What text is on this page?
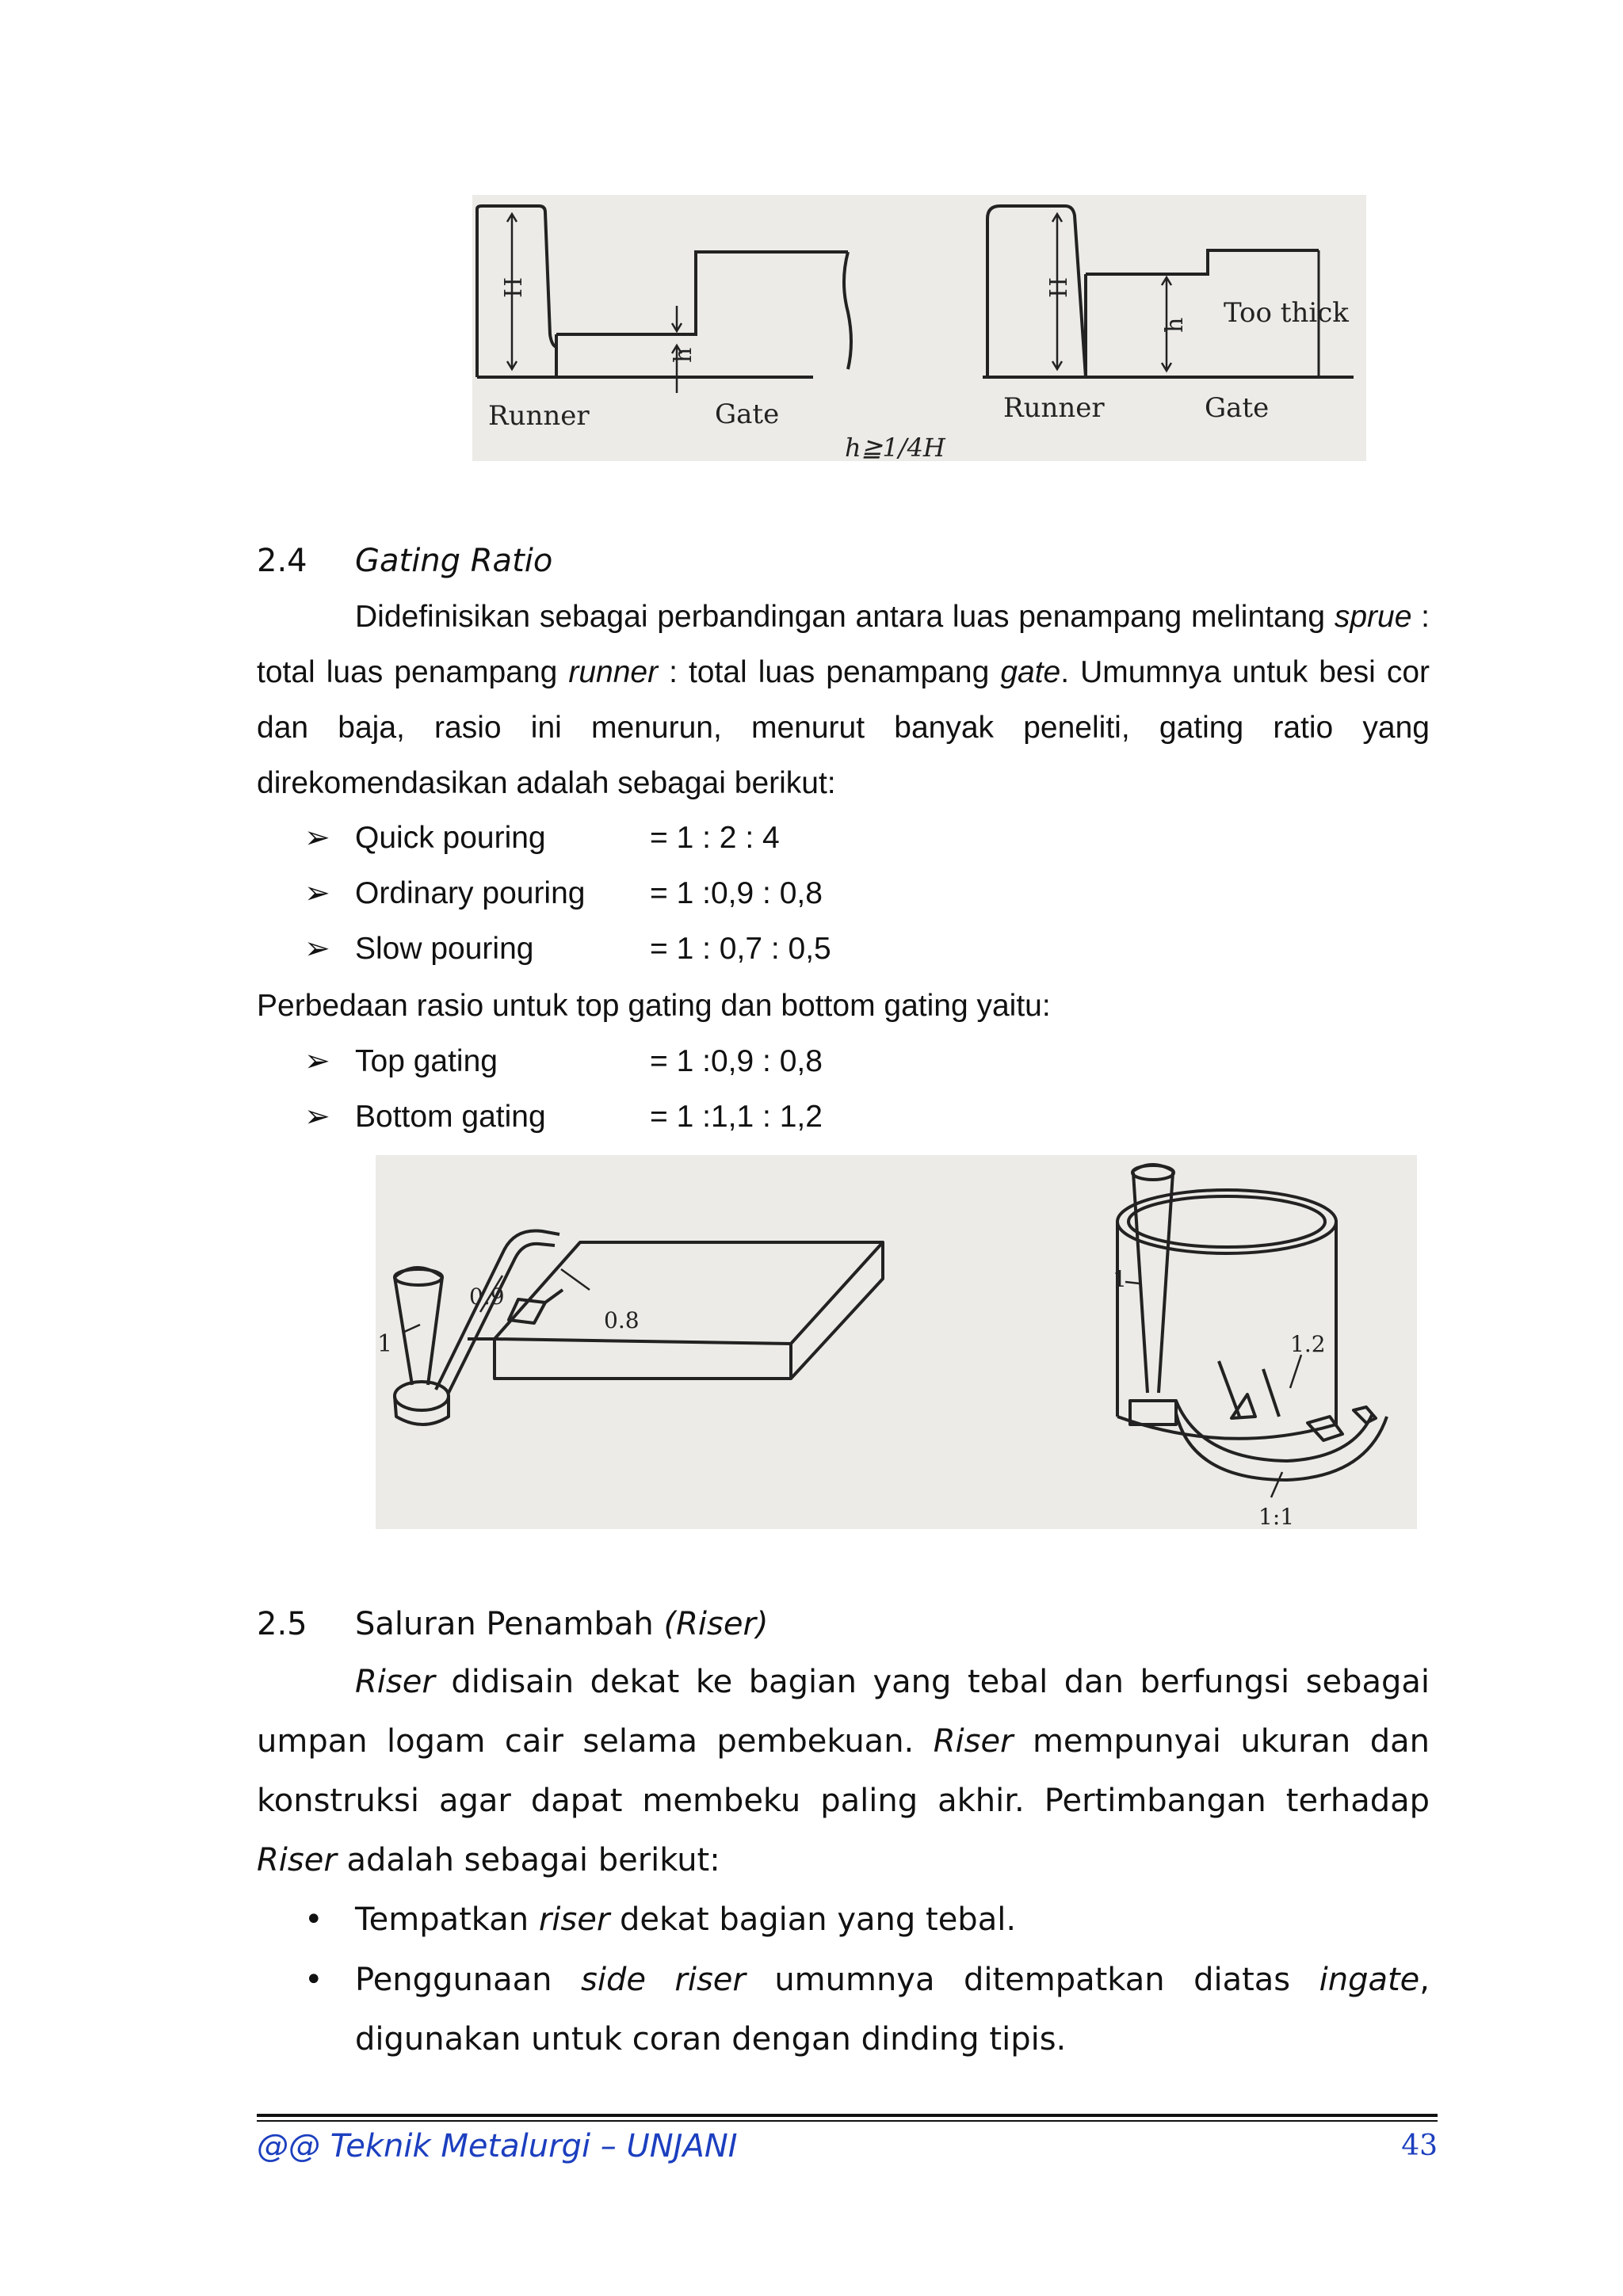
H
h
H
h
Runner	Gate	Runner	Gate
Too thick
h≧1/4H
2.4 Gating Ratio
Didefinisikan sebagai perbandingan antara luas penampang melintang sprue : total luas penampang runner : total luas penampang gate. Umumnya untuk besi cor dan baja, rasio ini menurun, menurut banyak peneliti, gating ratio yang direkomendasikan adalah sebagai berikut:
➢ Quick pouring	= 1 : 2 : 4
➢ Ordinary pouring = 1 :0,9 : 0,8
➢ Slow pouring	= 1 : 0,7 : 0,5
Perbedaan rasio untuk top gating dan bottom gating yaitu:
➢ Top gating	= 1 :0,9 : 0,8
➢ Bottom gating	= 1 :1,1 : 1,2
0.9
0.8
1
1
1.2
1:1
2.5 Saluran Penambah (Riser)
Riser didisain dekat ke bagian yang tebal dan berfungsi sebagai umpan logam cair selama pembekuan. Riser mempunyai ukuran dan konstruksi agar dapat membeku paling akhir. Pertimbangan terhadap Riser adalah sebagai berikut:
• Tempatkan riser dekat bagian yang tebal.
• Penggunaan side riser umumnya ditempatkan diatas ingate, digunakan untuk coran dengan dinding tipis.
@@ Teknik Metalurgi – UNJANI	43
